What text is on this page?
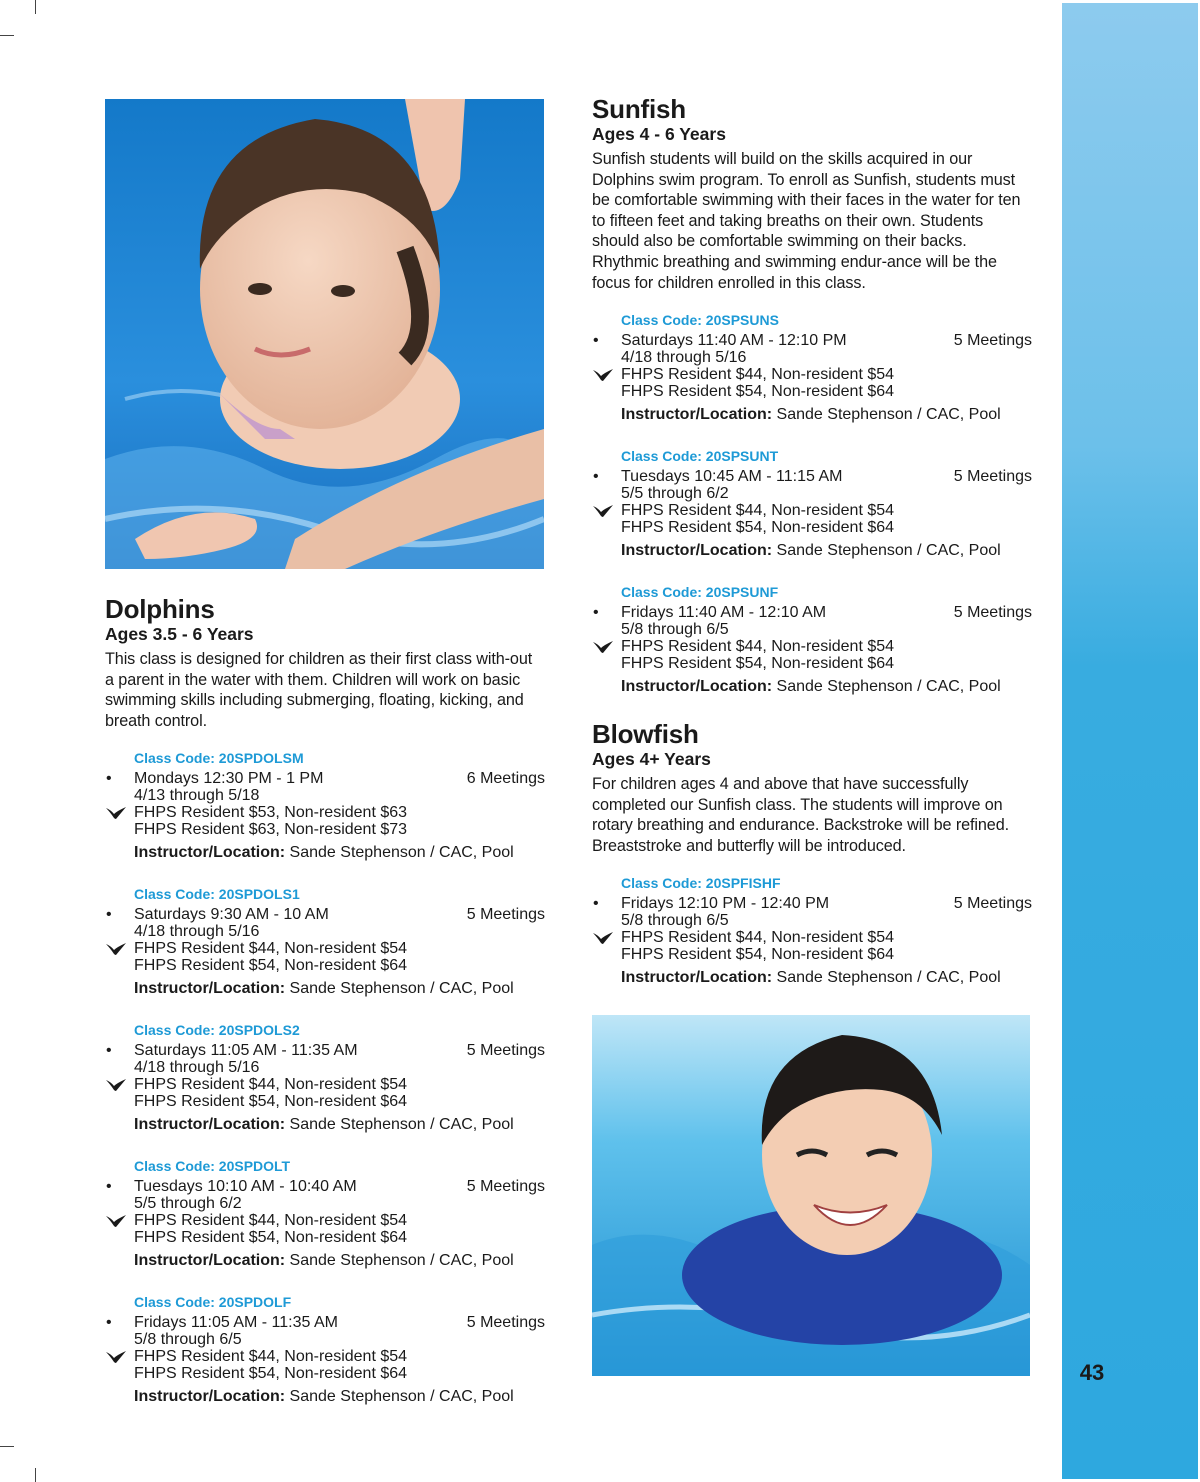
43
Dolphins
Ages 3.5 - 6 Years
This class is designed for children as their first class with-out a parent in the water with them. Children will work on basic swimming skills including submerging, floating, kicking, and breath control.
Class Code: 20SPDOLSM
• Mondays 12:30 PM - 1 PM	6 Meetings
4/13 through 5/18
FHPS Resident $53, Non-resident $63
FHPS Resident $63, Non-resident $73
Instructor/Location: Sande Stephenson / CAC, Pool
Class Code: 20SPDOLS1
• Saturdays 9:30 AM - 10 AM	5 Meetings
4/18 through 5/16
FHPS Resident $44, Non-resident $54
FHPS Resident $54, Non-resident $64
Instructor/Location: Sande Stephenson / CAC, Pool
Class Code: 20SPDOLS2
• Saturdays 11:05 AM - 11:35 AM	5 Meetings
4/18 through 5/16
FHPS Resident $44, Non-resident $54
FHPS Resident $54, Non-resident $64
Instructor/Location: Sande Stephenson / CAC, Pool
Class Code: 20SPDOLT
• Tuesdays 10:10 AM - 10:40 AM	5 Meetings
5/5 through 6/2
FHPS Resident $44, Non-resident $54
FHPS Resident $54, Non-resident $64
Instructor/Location: Sande Stephenson / CAC, Pool
Class Code: 20SPDOLF
• Fridays 11:05 AM - 11:35 AM	5 Meetings
5/8 through 6/5
FHPS Resident $44, Non-resident $54
FHPS Resident $54, Non-resident $64
Instructor/Location: Sande Stephenson / CAC, Pool
Sunfish
Ages 4 - 6 Years
Sunfish students will build on the skills acquired in our Dolphins swim program. To enroll as Sunfish, students must be comfortable swimming with their faces in the water for ten to fifteen feet and taking breaths on their own. Students should also be comfortable swimming on their backs. Rhythmic breathing and swimming endur-ance will be the focus for children enrolled in this class.
Class Code: 20SPSUNS
• Saturdays 11:40 AM - 12:10 PM	5 Meetings
4/18 through 5/16
FHPS Resident $44, Non-resident $54
FHPS Resident $54, Non-resident $64
Instructor/Location: Sande Stephenson / CAC, Pool
Class Code: 20SPSUNT
• Tuesdays 10:45 AM - 11:15 AM	5 Meetings
5/5 through 6/2
FHPS Resident $44, Non-resident $54
FHPS Resident $54, Non-resident $64
Instructor/Location: Sande Stephenson / CAC, Pool
Class Code: 20SPSUNF
• Fridays 11:40 AM - 12:10 AM	5 Meetings
5/8 through 6/5
FHPS Resident $44, Non-resident $54
FHPS Resident $54, Non-resident $64
Instructor/Location: Sande Stephenson / CAC, Pool
Blowfish
Ages 4+ Years
For children ages 4 and above that have successfully completed our Sunfish class. The students will improve on rotary breathing and endurance. Backstroke will be refined. Breaststroke and butterfly will be introduced.
Class Code: 20SPFISHF
• Fridays 12:10 PM - 12:40 PM	5 Meetings
5/8 through 6/5
FHPS Resident $44, Non-resident $54
FHPS Resident $54, Non-resident $64
Instructor/Location: Sande Stephenson / CAC, Pool
